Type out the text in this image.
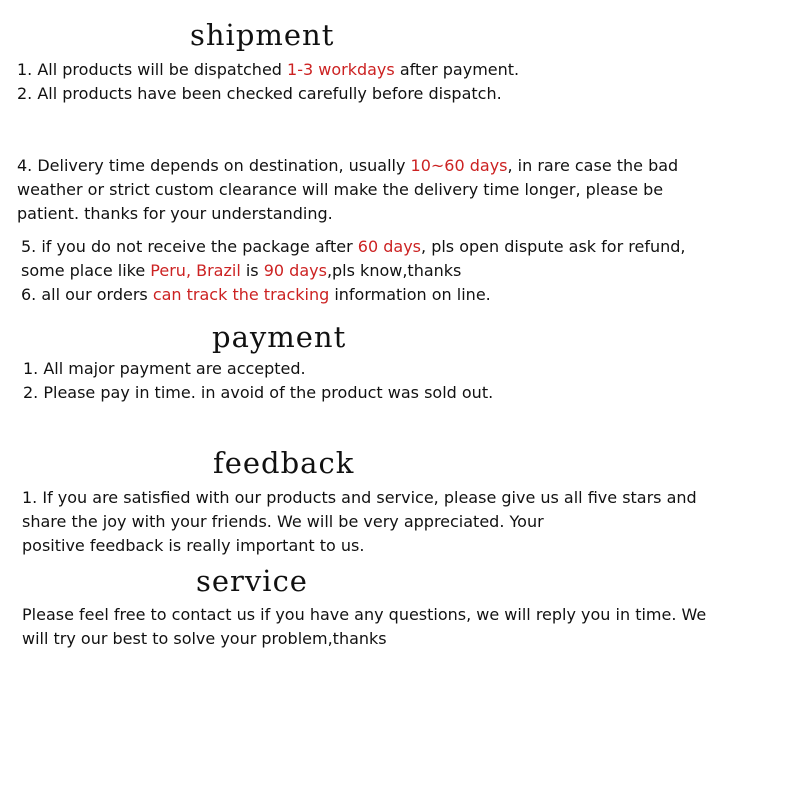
shipment

1. All products will be dispatched 1-3 workdays after payment.

2. All products have been checked carefully before dispatch.

4. Delivery time depends on destination, usually 10~60 days, in rare case the bad

weather or strict custom clearance will make the delivery time longer, please be

patient. thanks for your understanding.

5. if you do not receive the package after 60 days, pls open dispute ask for refund,

some place like Peru, Brazil is 90 days,pls know,thanks

6. all our orders can track the tracking information on line.

payment

1. All major payment are accepted.

2. Please pay in time. in avoid of the product was sold out.

feedback

1. If you are satisfied with our products and service, please give us all five stars and

share the joy with your friends. We will be very appreciated. Your

positive feedback is really important to us.

service

Please feel free to contact us if you have any questions, we will reply you in time. We

will try our best to solve your problem,thanks
